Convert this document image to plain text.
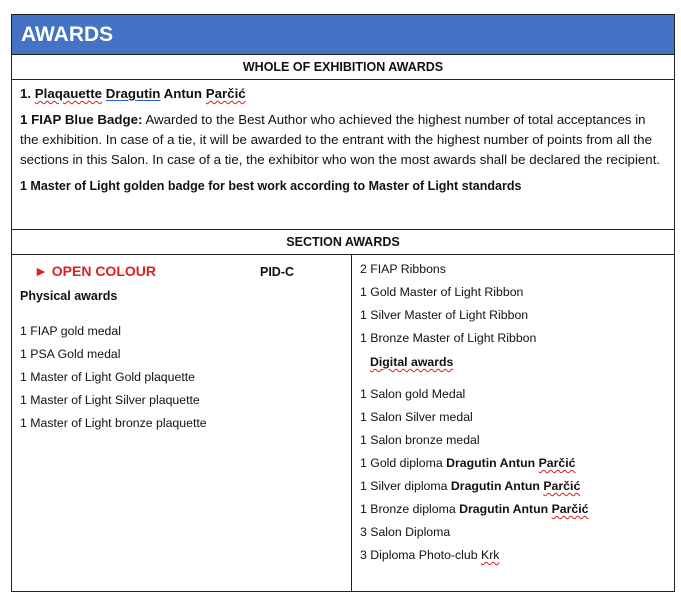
AWARDS
WHOLE OF EXHIBITION AWARDS

1. Plaqauette Dragutin Antun Parčić

1 FIAP Blue Badge: Awarded to the Best Author who achieved the highest number of total acceptances in the exhibition. In case of a tie, it will be awarded to the entrant with the highest number of points from all the sections in this Salon. In case of a tie, the exhibitor who won the most awards shall be declared the recipient.

1 Master of Light golden badge for best work according to Master of Light standards

SECTION AWARDS
► OPEN COLOUR	PID-C
Physical awards
1 FIAP gold medal
1 PSA Gold medal
1 Master of Light Gold plaquette
1 Master of Light Silver plaquette
1 Master of Light bronze plaquette
2 FIAP Ribbons
1 Gold Master of Light Ribbon
1 Silver Master of Light Ribbon
1 Bronze Master of Light Ribbon
Digital awards
1 Salon gold Medal
1 Salon Silver medal
1 Salon bronze medal
1 Gold diploma Dragutin Antun Parčić
1 Silver diploma Dragutin Antun Parčić
1 Bronze diploma Dragutin Antun Parčić
3 Salon Diploma
3 Diploma Photo-club Krk
